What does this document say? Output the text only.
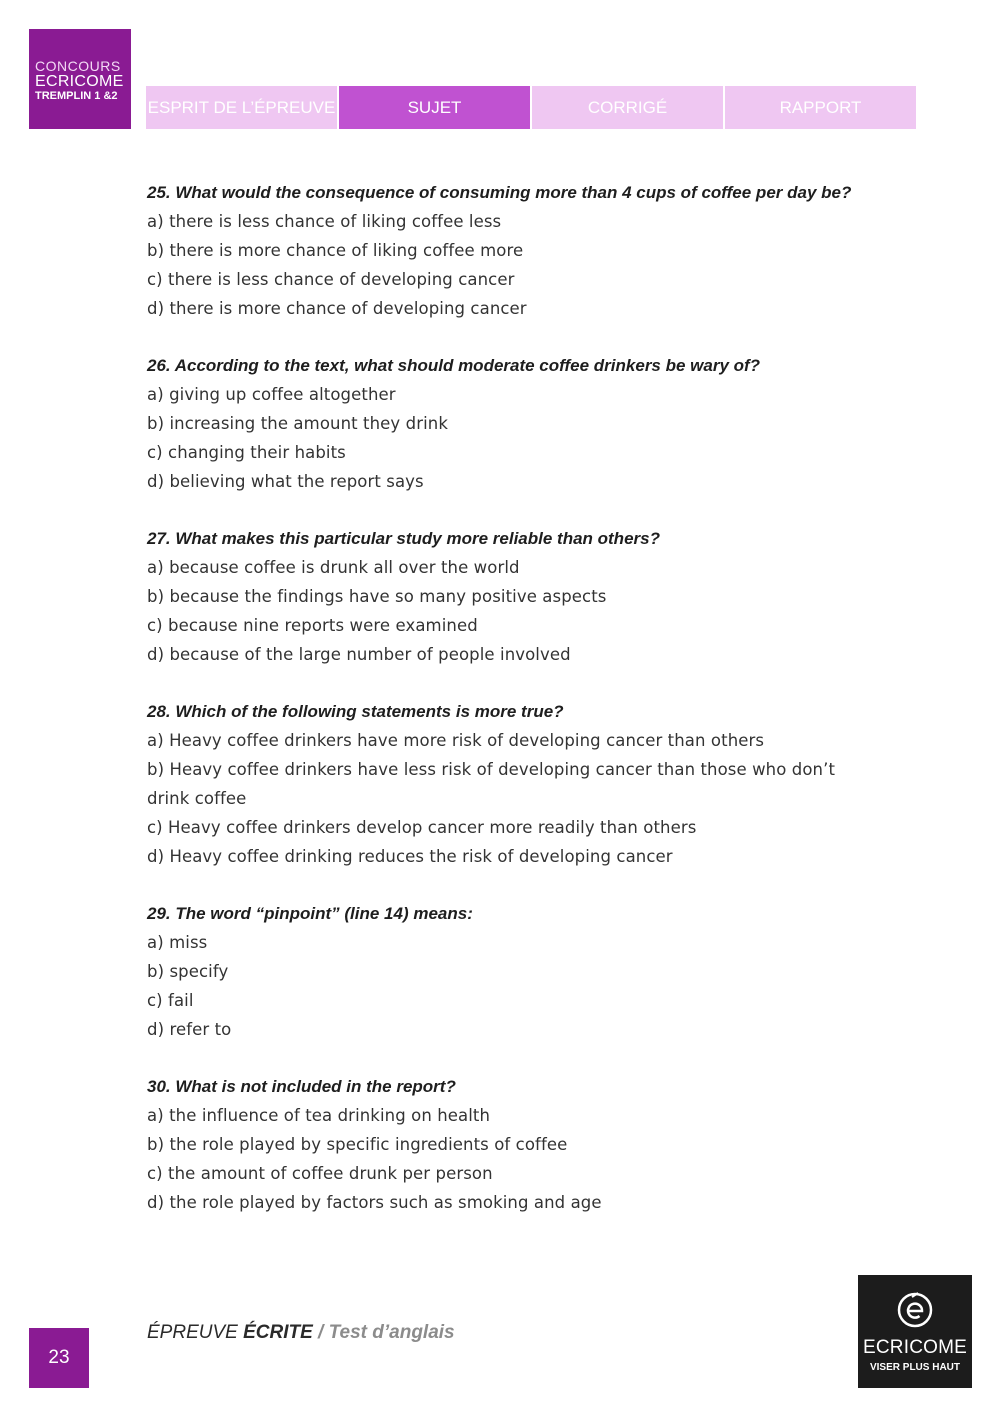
CONCOURS
ECRICOME
TREMPLIN 1 &2
ESPRIT DE L’ÉPREUVE	SUJET	CORRIGÉ	RAPPORT
25. What would the consequence of consuming more than 4 cups of coffee per day be?
a) there is less chance of liking coffee less
b) there is more chance of liking coffee more
c) there is less chance of developing cancer
d) there is more chance of developing cancer
26. According to the text, what should moderate coffee drinkers be wary of?
a) giving up coffee altogether
b) increasing the amount they drink
c) changing their habits
d) believing what the report says
27. What makes this particular study more reliable than others?
a) because coffee is drunk all over the world
b) because the findings have so many positive aspects
c) because nine reports were examined
d) because of the large number of people involved
28. Which of the following statements is more true?
a) Heavy coffee drinkers have more risk of developing cancer than others
b) Heavy coffee drinkers have less risk of developing cancer than those who don’t drink coffee
c) Heavy coffee drinkers develop cancer more readily than others
d) Heavy coffee drinking reduces the risk of developing cancer
29. The word “pinpoint” (line 14) means:
a) miss
b) specify
c) fail
d) refer to
30. What is not included in the report?
a) the influence of tea drinking on health
b) the role played by specific ingredients of coffee
c) the amount of coffee drunk per person
d) the role played by factors such as smoking and age
23
ÉPREUVE ÉCRITE / Test d’anglais
ECRICOME
VISER PLUS HAUT
